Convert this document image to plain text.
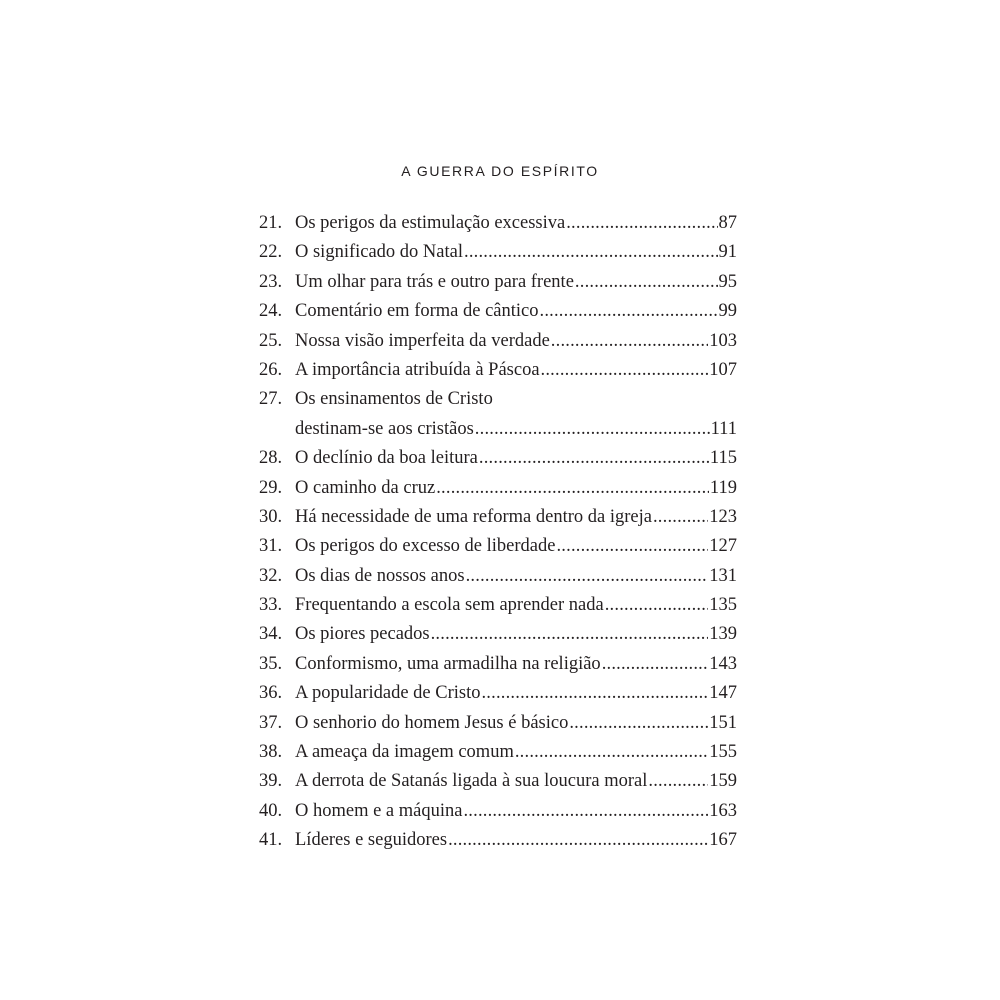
A GUERRA DO ESPÍRITO
21. Os perigos da estimulação excessiva .....	87
22. O significado do Natal .....	91
23. Um olhar para trás e outro para frente .....	95
24. Comentário em forma de cântico .....	99
25. Nossa visão imperfeita da verdade .....	103
26. A importância atribuída à Páscoa .....	107
27. Os ensinamentos de Cristo
destinam-se aos cristãos .....	111
28. O declínio da boa leitura .....	115
29. O caminho da cruz .....	119
30. Há necessidade de uma reforma dentro da igreja .....	123
31. Os perigos do excesso de liberdade .....	127
32. Os dias de nossos anos .....	131
33. Frequentando a escola sem aprender nada .....	135
34. Os piores pecados .....	139
35. Conformismo, uma armadilha na religião .....	143
36. A popularidade de Cristo .....	147
37. O senhorio do homem Jesus é básico .....	151
38. A ameaça da imagem comum .....	155
39. A derrota de Satanás ligada à sua loucura moral .....	159
40. O homem e a máquina .....	163
41. Líderes e seguidores .....	167
